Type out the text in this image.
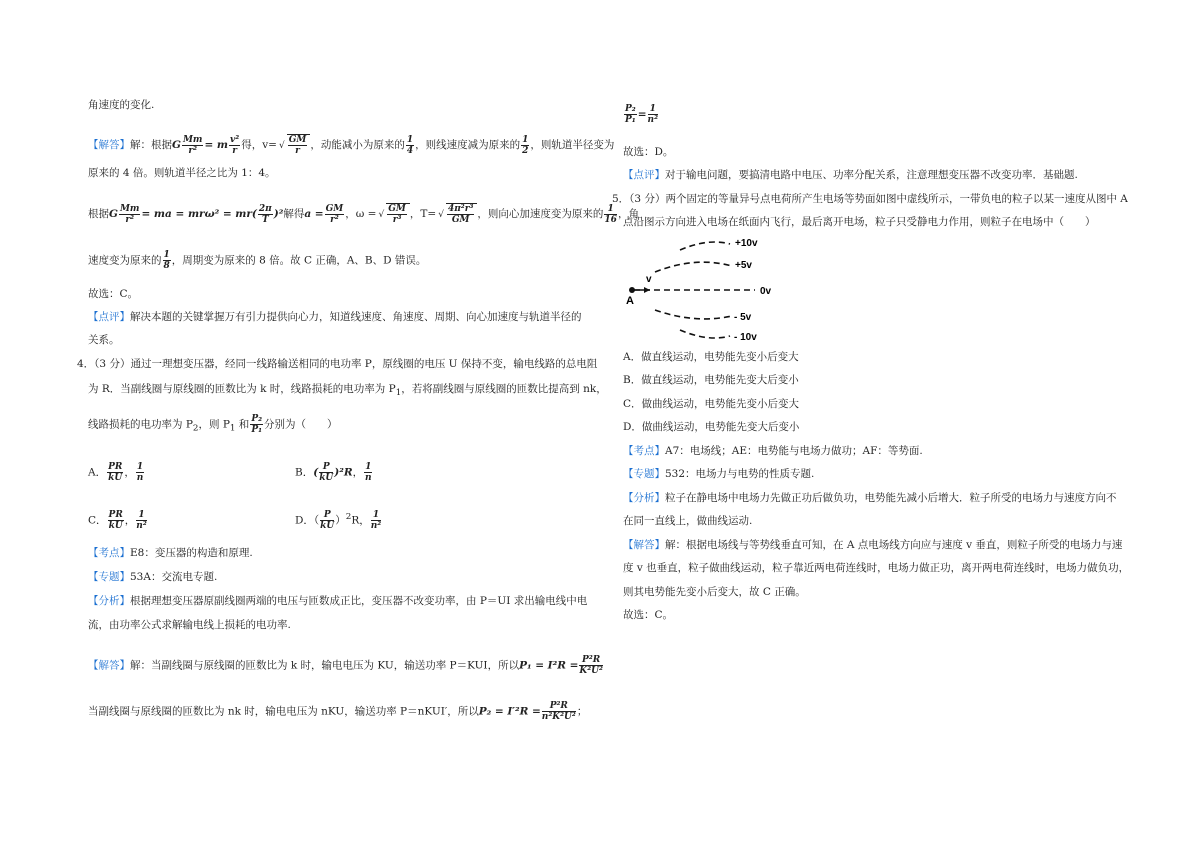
角速度的变化.
【解答】解：根据G $\frac{Mm}{\text{r²}} = m \frac{\text{v²}}{r}$ 得，v= √ $\frac{GM}{r}$ ，动能减小为原来的 $\frac{1}{4}$ ，则线速度减为原来的 $\frac{1}{2}$ ，则轨道半径变为
原来的 4 倍。则轨道半径之比为 1：4。
根据G $\frac{Mm}{\text{r²}}$ = ma = $mr\omega^2 = mr( \frac{2\pi}{T} )^2$解得$a = \frac{GM}{\text{r²}}$ ，ω = √ $\frac{GM}{\text{r³}}$ ，T= √ $\frac{\text{4π²r³}}{GM}$ ，则向心加速度变为原来的 $\frac{1}{16}$ ，角
速度变为原来的 $\frac{1}{8}$ ，周期变为原来的 8 倍。故 C 正确，A、B、D 错误。
故选：C。
【点评】解决本题的关键掌握万有引力提供向心力，知道线速度、角速度、周期、向心加速度与轨道半径的
关系。
4．（3 分）通过一理想变压器，经同一线路输送相同的电功率 P，原线圈的电压 U 保持不变，输电线路的总电阻
为 R．当副线圈与原线圈的匝数比为 k 时，线路损耗的电功率为 $P_1$，若将副线圈与原线圈的匝数比提高到 nk，
线路损耗的电功率为 $P_2$，则 $P_1$ 和 $\frac{\text{P₂}}{\text{P₁}}$ 分别为（　　）
A． $\frac{PR}{kU}$ ， $\frac{1}{n}$	B．( $\frac{P}{kU} )^2R$， $\frac{1}{n}$
C． $\frac{PR}{kU}$ ， $\frac{1}{\text{n²}}$	D．（ $\frac{P}{kU} )^2R$， $\frac{1}{\text{n²}}$
【考点】E8：变压器的构造和原理.
【专题】53A：交流电专题.
【分析】根据理想变压器原副线圈两端的电压与匝数成正比，变压器不改变功率，由 P＝UI 求出输电线中电
流，由功率公式求解输电线上损耗的电功率.
【解答】解：当副线圈与原线圈的匝数比为 k 时，输电电压为 KU，输送功率 P＝KUI，所以$P_1 = I^2R = \frac{\text{P²R}}{\text{K²U²}}$
当副线圈与原线圈的匝数比为 nk 时，输电电压为 nKU，输送功率 P＝nKUI′，所以$P_2 = I'^2R = \frac{\text{P²R}}{\text{n²K²U²}}$ ；
$\frac{\text{P₂}}{\text{P₁}} = \frac{1}{\text{n²}}$
故选：D。
【点评】对于输电问题，要搞清电路中电压、功率分配关系，注意理想变压器不改变功率．基础题.
5．（3 分）两个固定的等量异号点电荷所产生电场等势面如图中虚线所示，一带负电的粒子以某一速度从图中 A
点沿图示方向进入电场在纸面内飞行，最后离开电场，粒子只受静电力作用，则粒子在电场中（　　）
+10v
+5v
0v
- 5v
- 10v
v
A
A．做直线运动，电势能先变小后变大
B．做直线运动，电势能先变大后变小
C．做曲线运动，电势能先变小后变大
D．做曲线运动，电势能先变大后变小
【考点】A7：电场线；AE：电势能与电场力做功；AF：等势面.
【专题】532：电场力与电势的性质专题.
【分析】粒子在静电场中电场力先做正功后做负功，电势能先减小后增大．粒子所受的电场力与速度方向不
在同一直线上，做曲线运动.
【解答】解：根据电场线与等势线垂直可知，在 A 点电场线方向应与速度 v 垂直，则粒子所受的电场力与速
度 v 也垂直，粒子做曲线运动，粒子靠近两电荷连线时，电场力做正功，离开两电荷连线时，电场力做负功，
则其电势能先变小后变大，故 C 正确。
故选：C。
